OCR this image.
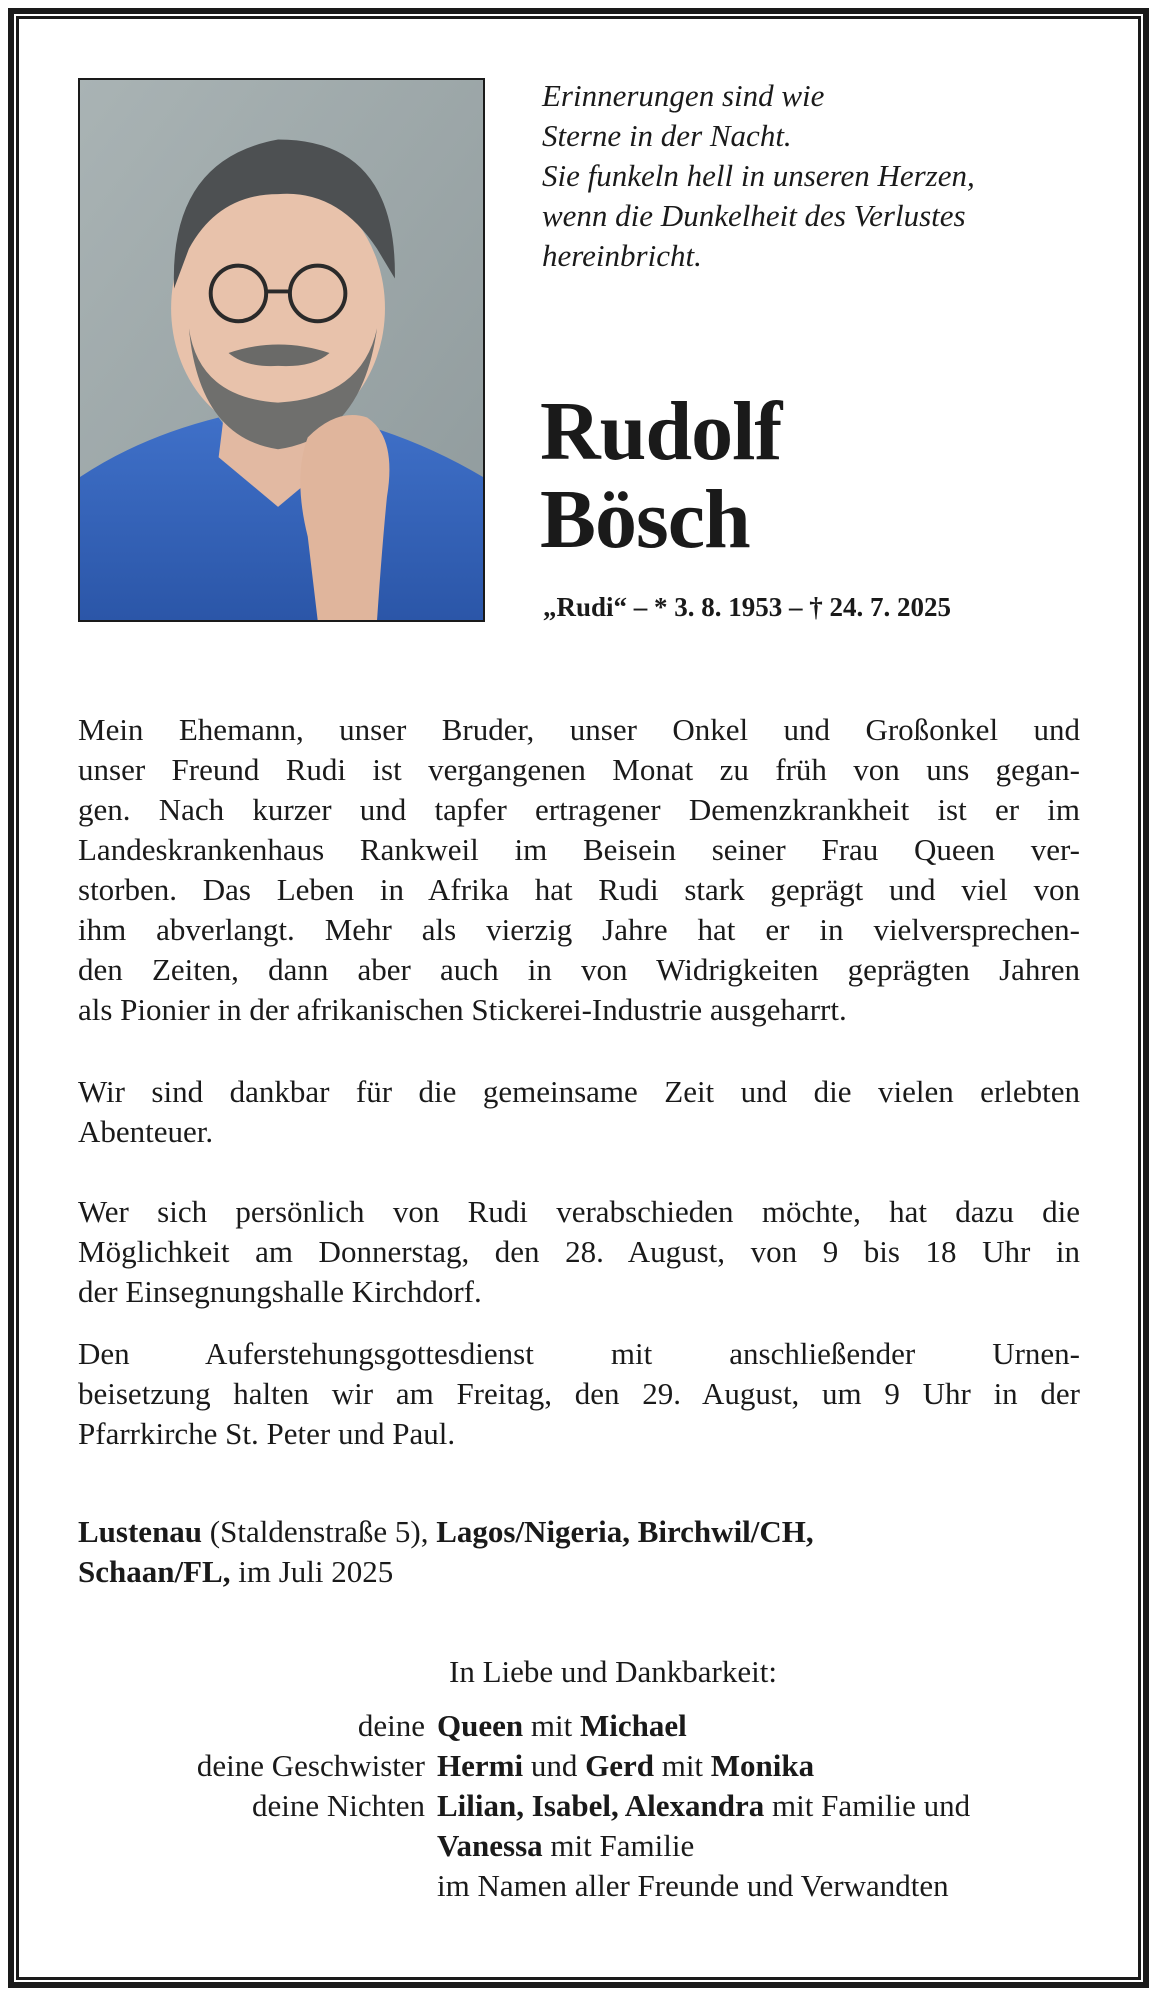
Erinnerungen sind wie
Sterne in der Nacht.
Sie funkeln hell in unseren Herzen,
wenn die Dunkelheit des Verlustes
hereinbricht.
Rudolf
Bösch
„Rudi“ – * 3. 8. 1953 – † 24. 7. 2025
Mein Ehemann, unser Bruder, unser Onkel und Großonkel und
unser Freund Rudi ist vergangenen Monat zu früh von uns gegan-
gen. Nach kurzer und tapfer ertragener Demenzkrankheit ist er im
Landeskrankenhaus Rankweil im Beisein seiner Frau Queen ver-
storben. Das Leben in Afrika hat Rudi stark geprägt und viel von
ihm abverlangt. Mehr als vierzig Jahre hat er in vielversprechen-
den Zeiten, dann aber auch in von Widrigkeiten geprägten Jahren
als Pionier in der afrikanischen Stickerei-Industrie ausgeharrt.
Wir sind dankbar für die gemeinsame Zeit und die vielen erlebten
Abenteuer.
Wer sich persönlich von Rudi verabschieden möchte, hat dazu die
Möglichkeit am Donnerstag, den 28. August, von 9 bis 18 Uhr in
der Einsegnungshalle Kirchdorf.
Den Auferstehungsgottesdienst mit anschließender Urnen-
beisetzung halten wir am Freitag, den 29. August, um 9 Uhr in der
Pfarrkirche St. Peter und Paul.
Lustenau (Staldenstraße 5), Lagos/Nigeria, Birchwil/CH,
Schaan/FL, im Juli 2025
In Liebe und Dankbarkeit:
deine Queen mit Michael
deine Geschwister Hermi und Gerd mit Monika
deine Nichten Lilian, Isabel, Alexandra mit Familie und
Vanessa mit Familie
im Namen aller Freunde und Verwandten
